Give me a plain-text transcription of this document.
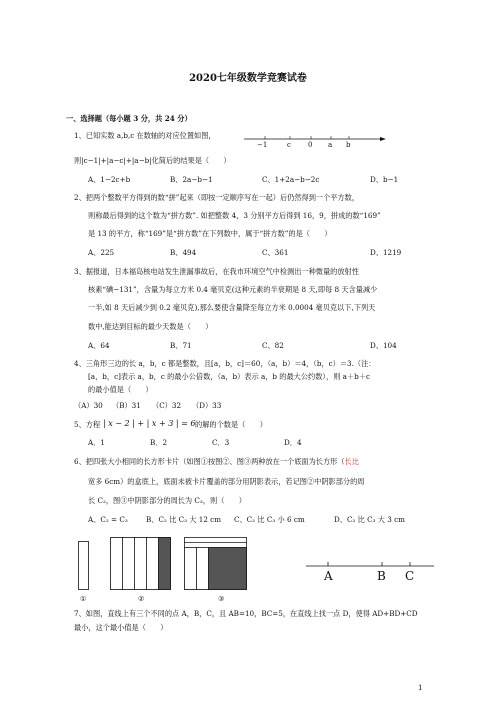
2020七年级数学竞赛试卷
一、选择题（每小题 3 分，共 24 分）
1、已知实数 a,b,c 在数轴的对应位置如图，
−1	c 0 a b
则|c−1|+|a−c|+|a−b|化简后的结果是（　　）
A、1−2c+b	B、2a−b−1	C、1+2a−b−2c	D、b−1
2、把两个整数平方得到的数“拼”起来（即按一定顺序写在一起）后仍然得到一个平方数，
则称最后得到的这个数为“拼方数”. 如把整数 4，3 分别平方后得到 16，9，拼成的数“169”
是 13 的平方，称“169”是“拼方数”在下列数中，属于“拼方数”的是（　　）
A、225	B、494	C、361	D、1219
3、据报道，日本福岛核电站发生泄漏事故后，在我市环境空气中检测出一种微量的放射性
核素“碘−131”，含量为每立方米 0.4 毫贝克(这种元素的半衰期是 8 天,即每 8 天含量减少
一半,如 8 天后减少到 0.2 毫贝克),那么要使含量降至每立方米 0.0004 毫贝克以下,下列天
数中,能达到目标的最少天数是（　　）
A、64	B、71	C、82	D、104
4、三角形三边的长 a，b，c 都是整数，且[a，b，c]＝60，（a，b）＝4，（b，c）＝3.（注：
[a，b，c]表示 a，b，c 的最小公倍数，（a，b）表示 a，b 的最大公约数），则 a＋b＋c
的最小值是（　　）
（A）30 （B）31 （C）32 （D）33
5、方程 | x − 2 | + | x + 3 | = 6 的解的个数是（　　）
A．1	B．2	C．3	D．4
6、把四张大小相同的长方形卡片（如图①按图②、图③两种放在一个底面为长方形（长比
宽多 6cm）的盒底上，底面未被卡片覆盖的部分用阴影表示，若记图②中阴影部分的周
长 C₂，图③中阴影部分的周长为 C₃，则（　　）
A、C₂ = C₃	B、C₂ 比 C₃ 大 12 cm C、C₂ 比 C₃ 小 6 cm	D、C₂ 比 C₃ 大 3 cm
①	②	③
A	B C
7、如图，直线上有三个不同的点 A，B，C，且 AB=10，BC=5，在直线上找一点 D，使得 AD+BD+CD
最小，这个最小值是（　　）
1
